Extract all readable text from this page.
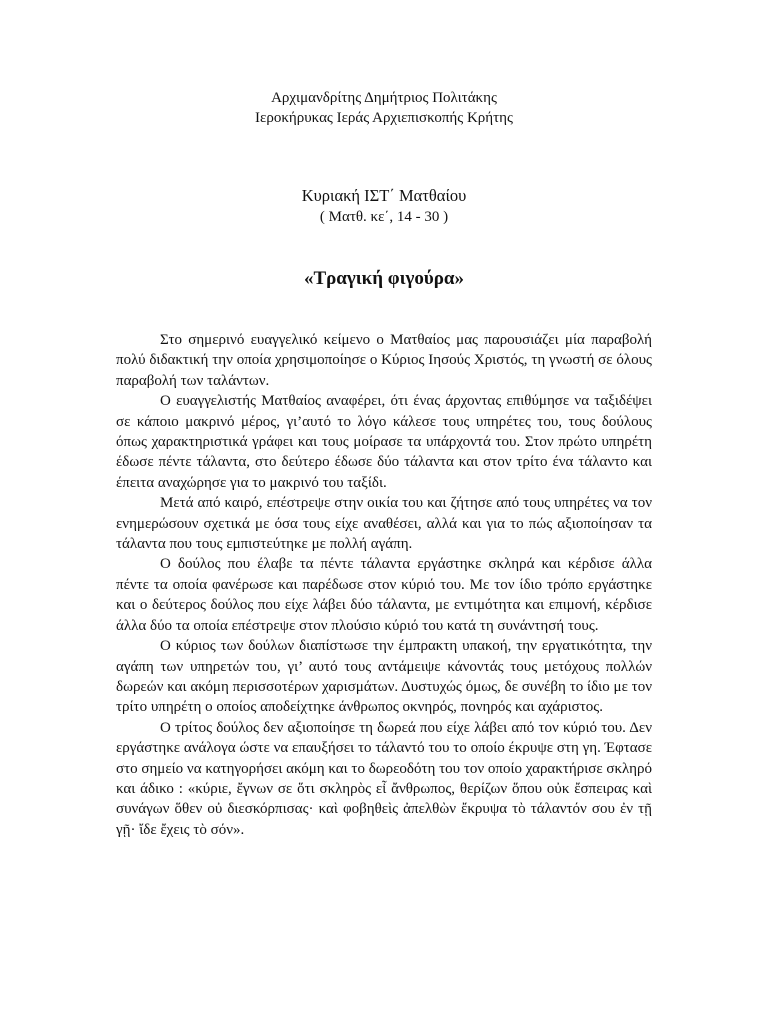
Αρχιμανδρίτης Δημήτριος Πολιτάκης
Ιεροκήρυκας Ιεράς Αρχιεπισκοπής Κρήτης
Κυριακή ΙΣΤ΄ Ματθαίου
( Ματθ. κε΄, 14 - 30 )
«Τραγική φιγούρα»

Στο σημερινό ευαγγελικό κείμενο ο Ματθαίος μας παρουσιάζει μία παραβολή πολύ διδακτική την οποία χρησιμοποίησε ο Κύριος Ιησούς Χριστός, τη γνωστή σε όλους παραβολή των ταλάντων.

Ο ευαγγελιστής Ματθαίος αναφέρει, ότι ένας άρχοντας επιθύμησε να ταξιδέψει σε κάποιο μακρινό μέρος, γι’αυτό το λόγο κάλεσε τους υπηρέτες του, τους δούλους όπως χαρακτηριστικά γράφει και τους μοίρασε τα υπάρχοντά του. Στον πρώτο υπηρέτη έδωσε πέντε τάλαντα, στο δεύτερο έδωσε δύο τάλαντα και στον τρίτο ένα τάλαντο και έπειτα αναχώρησε για το μακρινό του ταξίδι.

Μετά από καιρό, επέστρεψε στην οικία του και ζήτησε από τους υπηρέτες να τον ενημερώσουν σχετικά με όσα τους είχε αναθέσει, αλλά και για το πώς αξιοποίησαν τα τάλαντα που τους εμπιστεύτηκε με πολλή αγάπη.

Ο δούλος που έλαβε τα πέντε τάλαντα εργάστηκε σκληρά και κέρδισε άλλα πέντε τα οποία φανέρωσε και παρέδωσε στον κύριό του. Με τον ίδιο τρόπο εργάστηκε και ο δεύτερος δούλος που είχε λάβει δύο τάλαντα, με εντιμότητα και επιμονή, κέρδισε άλλα δύο τα οποία επέστρεψε στον πλούσιο κύριό του κατά τη συνάντησή τους.

Ο κύριος των δούλων διαπίστωσε την έμπρακτη υπακοή, την εργατικότητα, την αγάπη των υπηρετών του, γι’ αυτό τους αντάμειψε κάνοντάς τους μετόχους πολλών δωρεών και ακόμη περισσοτέρων χαρισμάτων. Δυστυχώς όμως, δε συνέβη το ίδιο με τον τρίτο υπηρέτη ο οποίος αποδείχτηκε άνθρωπος οκνηρός, πονηρός και αχάριστος.

Ο τρίτος δούλος δεν αξιοποίησε τη δωρεά που είχε λάβει από τον κύριό του. Δεν εργάστηκε ανάλογα ώστε να επαυξήσει το τάλαντό του το οποίο έκρυψε στη γη. Έφτασε στο σημείο να κατηγορήσει ακόμη και το δωρεοδότη του τον οποίο χαρακτήρισε σκληρό και άδικο : «κύριε, ἔγνων σε ὅτι σκληρὸς εἶ ἄνθρωπος, θερίζων ὅπου οὐκ ἔσπειρας καὶ συνάγων ὅθεν οὐ διεσκόρπισας· καὶ φοβηθεὶς ἀπελθὼν ἔκρυψα τὸ τάλαντόν σου ἐν τῇ γῇ· ἴδε ἔχεις τὸ σόν».
